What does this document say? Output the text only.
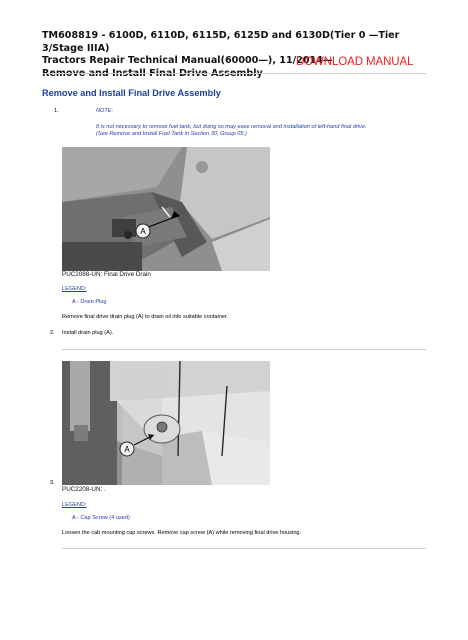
TM608819 - 6100D, 6110D, 6115D, 6125D and 6130D(Tier 0 —Tier 3/Stage IIIA)
Tractors Repair Technical Manual(60000—), 11/2014—
Remove and Install Final Drive Assembly
DOWNLOAD MANUAL
Remove and Install Final Drive Assembly
1.	NOTE:
It is not necessary to remove fuel tank, but doing so may ease removal and installation of left-hand final drive.
(See Remove and Install Fuel Tank in Section 30, Group 05.)
A
PUC2088-UN: Final Drive Drain
LEGEND:
A - Drain Plug
Remove final drive drain plug (A) to drain oil into suitable container.
2. Install drain plug (A).
A
3.
PUC2208-UN: .
LEGEND:
A - Cap Screw (4 used)
Loosen the cab mounting cap screws. Remove cap screw (A) while removing final drive housing.
